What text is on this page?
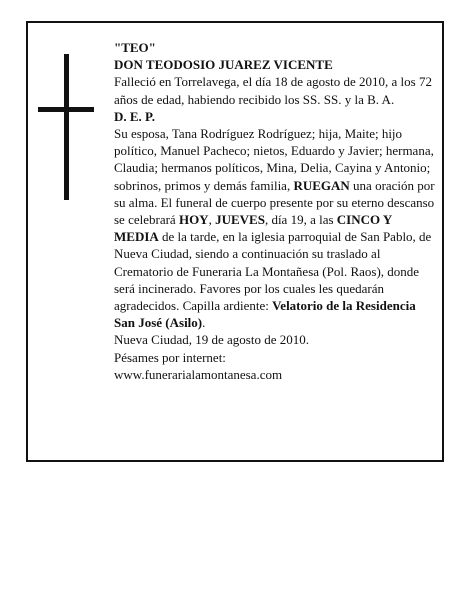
"TEO"

DON TEODOSIO JUAREZ VICENTE

Falleció en Torrelavega, el día 18 de agosto de 2010, a los 72 años de edad, habiendo recibido los SS. SS. y la B. A.

D. E. P.

Su esposa, Tana Rodríguez Rodríguez; hija, Maite; hijo político, Manuel Pacheco; nietos, Eduardo y Javier; hermana, Claudia; hermanos políticos, Mina, Delia, Cayina y Antonio; sobrinos, primos y demás familia, RUEGAN una oración por su alma. El funeral de cuerpo presente por su eterno descanso se celebrará HOY, JUEVES, día 19, a las CINCO Y MEDIA de la tarde, en la iglesia parroquial de San Pablo, de Nueva Ciudad, siendo a continuación su traslado al Crematorio de Funeraria La Montañesa (Pol. Raos), donde será incinerado. Favores por los cuales les quedarán agradecidos. Capilla ardiente: Velatorio de la Residencia San José (Asilo).

Nueva Ciudad, 19 de agosto de 2010.

Pésames por internet:

www.funerarialamontanesa.com
